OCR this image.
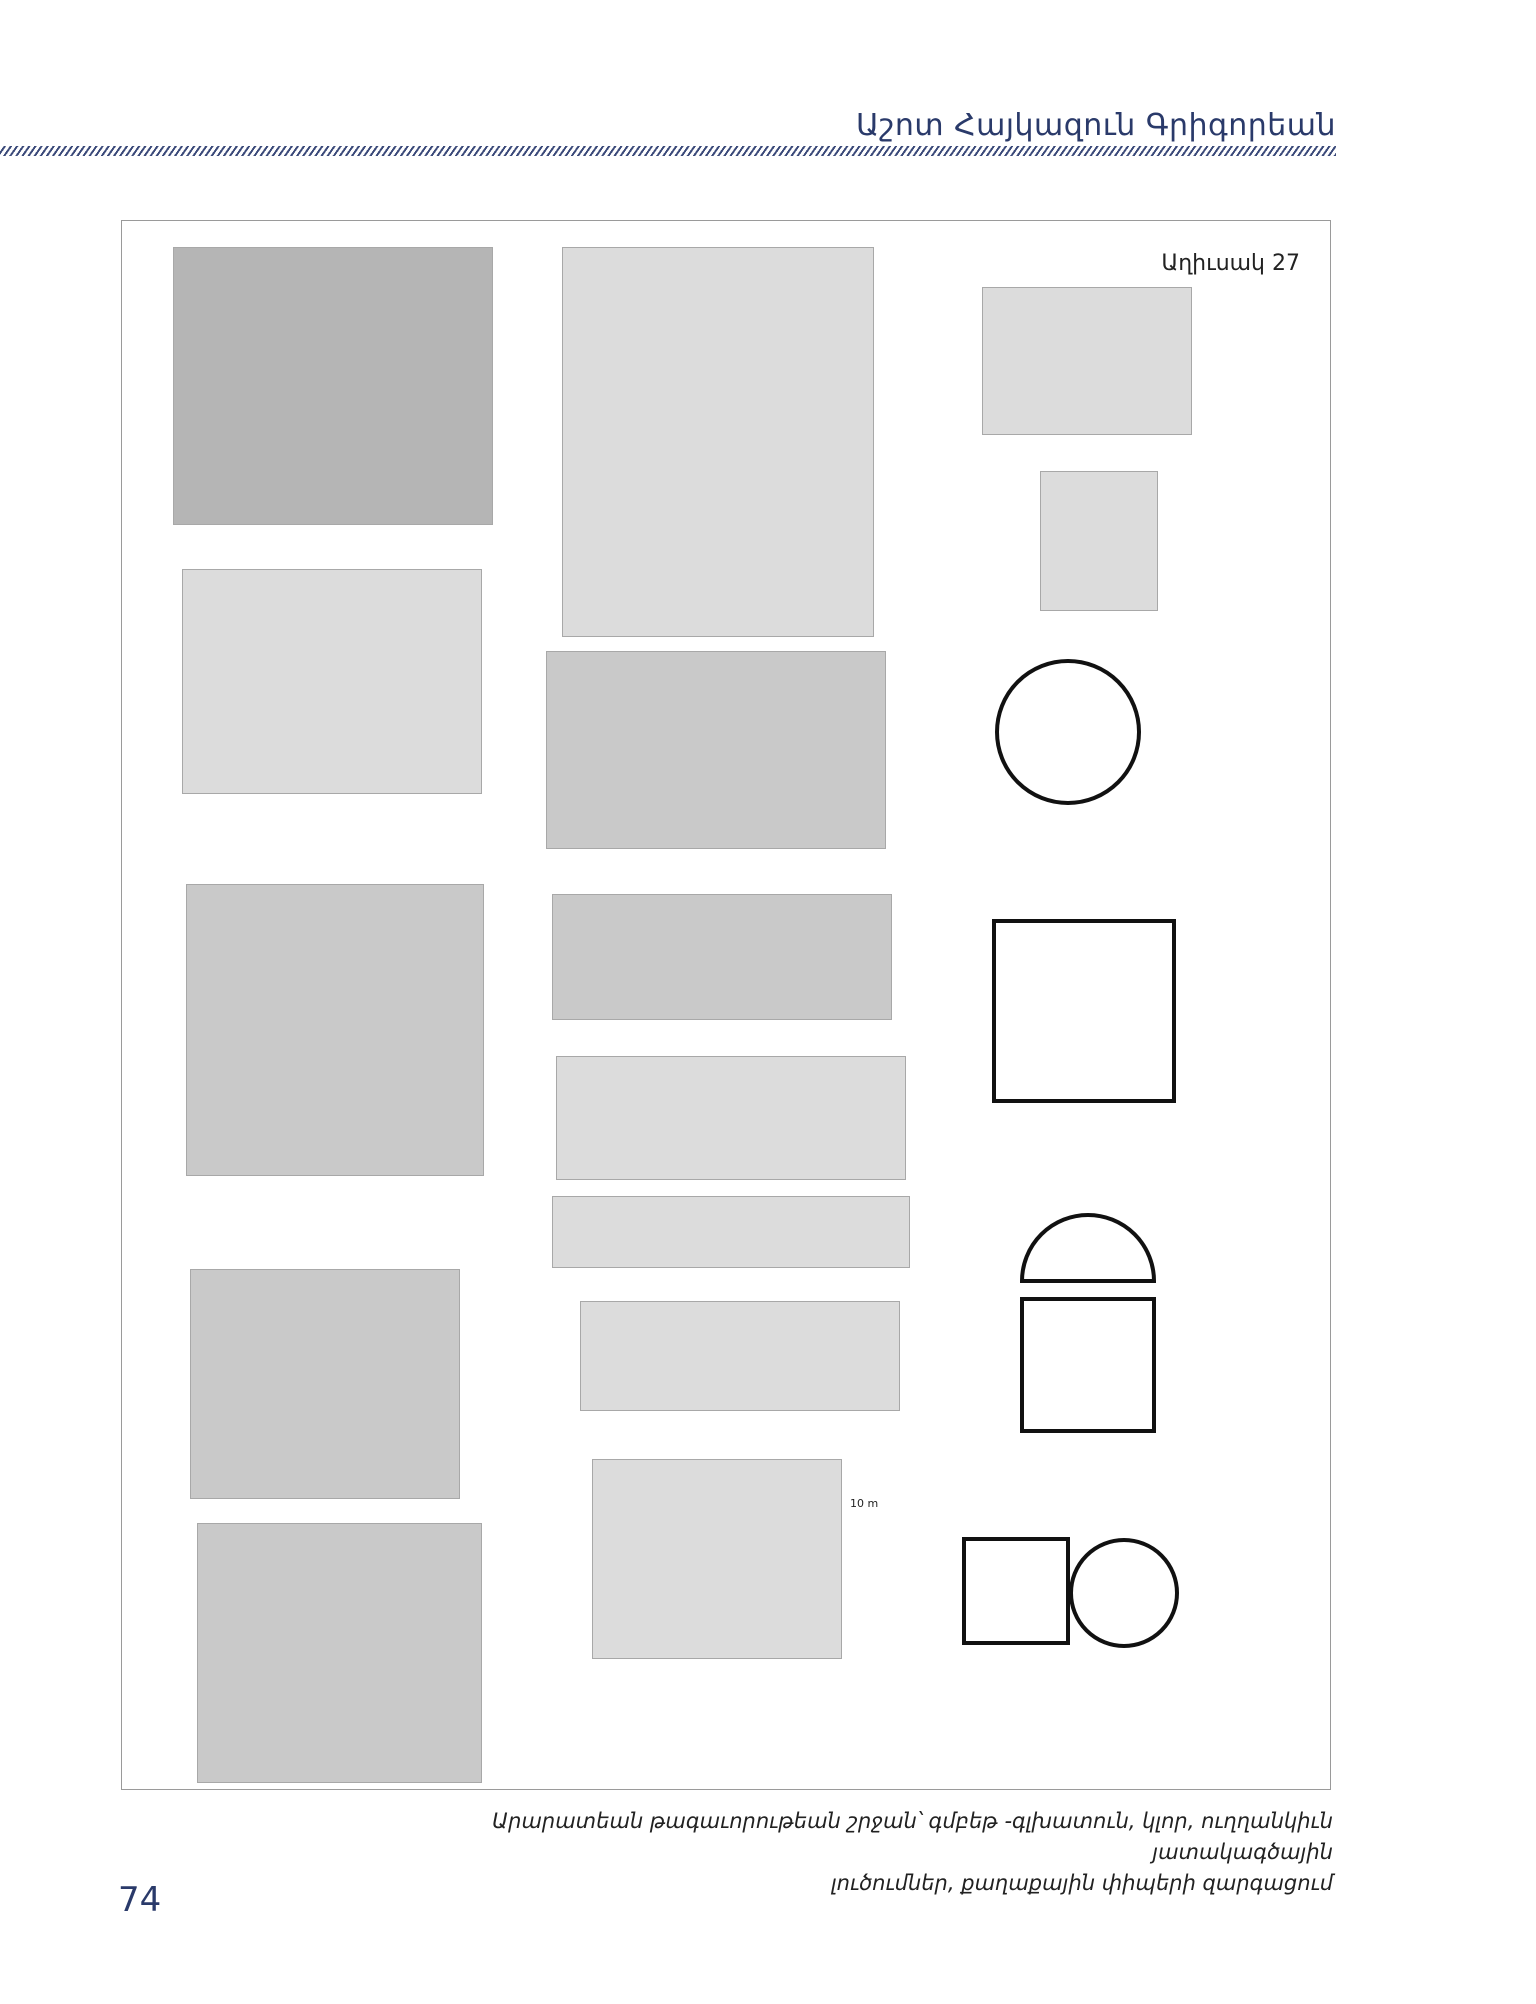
Աշոտ Հայկազուն Գրիգորեան
Աղիւսակ 27
10 m
Արարատեան թագաւորութեան շրջան՝ գմբեթ -գլխատուն, կլոր, ուղղանկիւն յատակագծային
լուծումներ, քաղաքային փիպերի զարգացում
74
